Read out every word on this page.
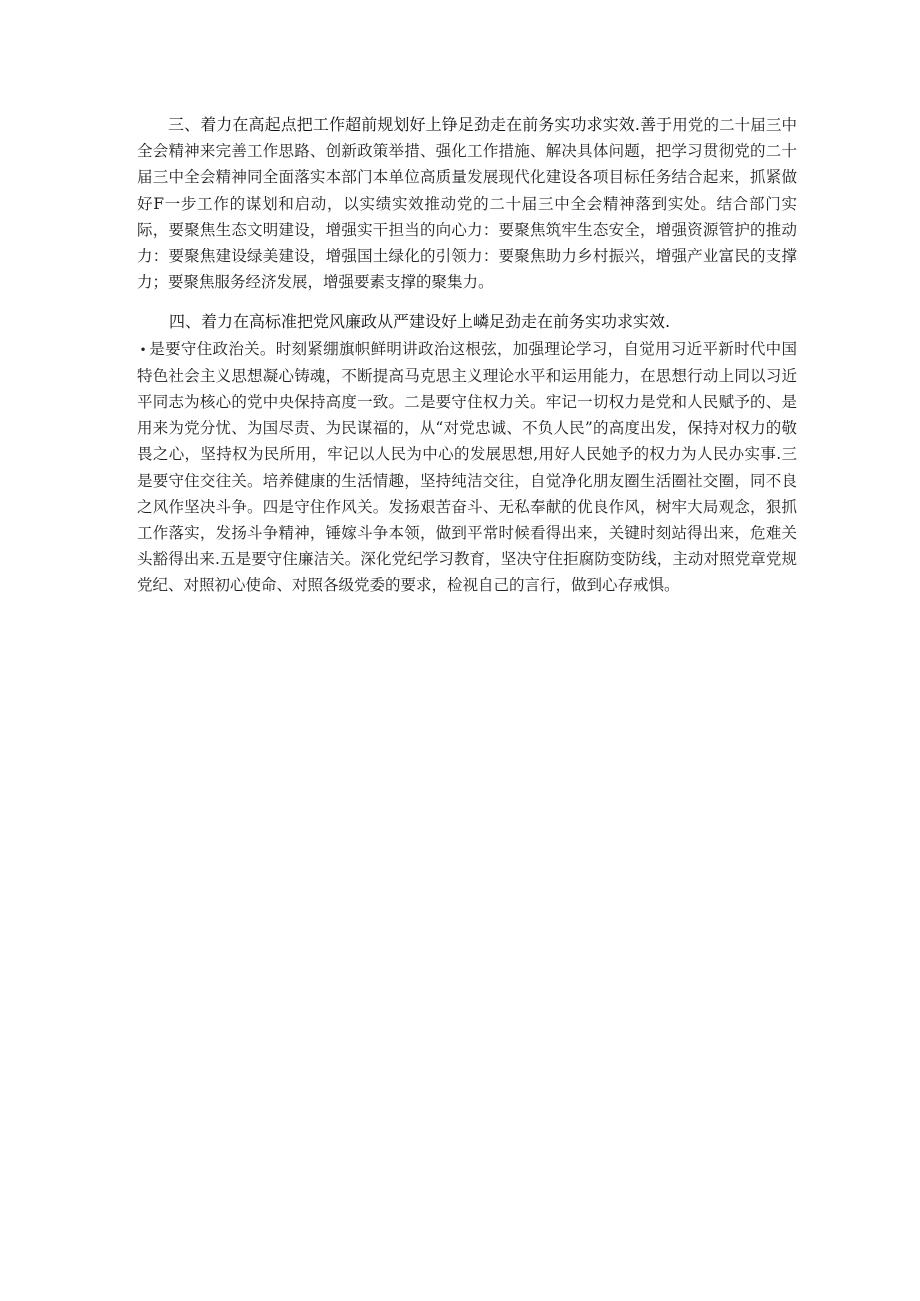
三、着力在高起点把工作超前规划好上铮足劲走在前务实功求实效.善于用党的二十届三中全会精神来完善工作思路、创新政策举措、强化工作措施、解决具体问题，把学习贯彻党的二十届三中全会精神同全面落实本部门本单位高质量发展现代化建设各项目标任务结合起来，抓紧做好F一步工作的谋划和启动，以实绩实效推动党的二十届三中全会精神落到实处。结合部门实际，要聚焦生态文明建设，增强实干担当的向心力：要聚焦筑牢生态安全，增强资源管护的推动力：要聚焦建设绿美建设，增强国土绿化的引领力：要聚焦助力乡村振兴，增强产业富民的支撑力；要聚焦服务经济发展，增强要素支撑的聚集力。

四、着力在高标准把党风廉政从严建设好上嶙足劲走在前务实功求实效.
• 是要守住政治关。时刻紧绷旗帜鲜明讲政治这根弦，加强理论学习，自觉用习近平新时代中国特色社会主义思想凝心铸魂，不断提高马克思主义理论水平和运用能力，在思想行动上同以习近平同志为核心的党中央保持高度一致。二是要守住权力关。牢记一切权力是党和人民赋予的、是用来为党分忧、为国尽责、为民谋福的，从“对党忠诚、不负人民”的高度出发，保持对权力的敬畏之心，坚持权为民所用，牢记以人民为中心的发展思想,用好人民她予的权力为人民办实事.三是要守住交往关。培养健康的生活情趣，坚持纯洁交往，自觉净化朋友圈生活圈社交圈，同不良之风作坚决斗争。四是守住作风关。发扬艰苦奋斗、无私奉献的优良作风，树牢大局观念，狠抓工作落实，发扬斗争精神，锤嫁斗争本领，做到平常时候看得出来，关键时刻站得出来，危难关头豁得出来.五是要守住廉洁关。深化党纪学习教育，坚决守住拒腐防变防线，主动对照党章党规党纪、对照初心使命、对照各级党委的要求，检视自己的言行，做到心存戒惧。
